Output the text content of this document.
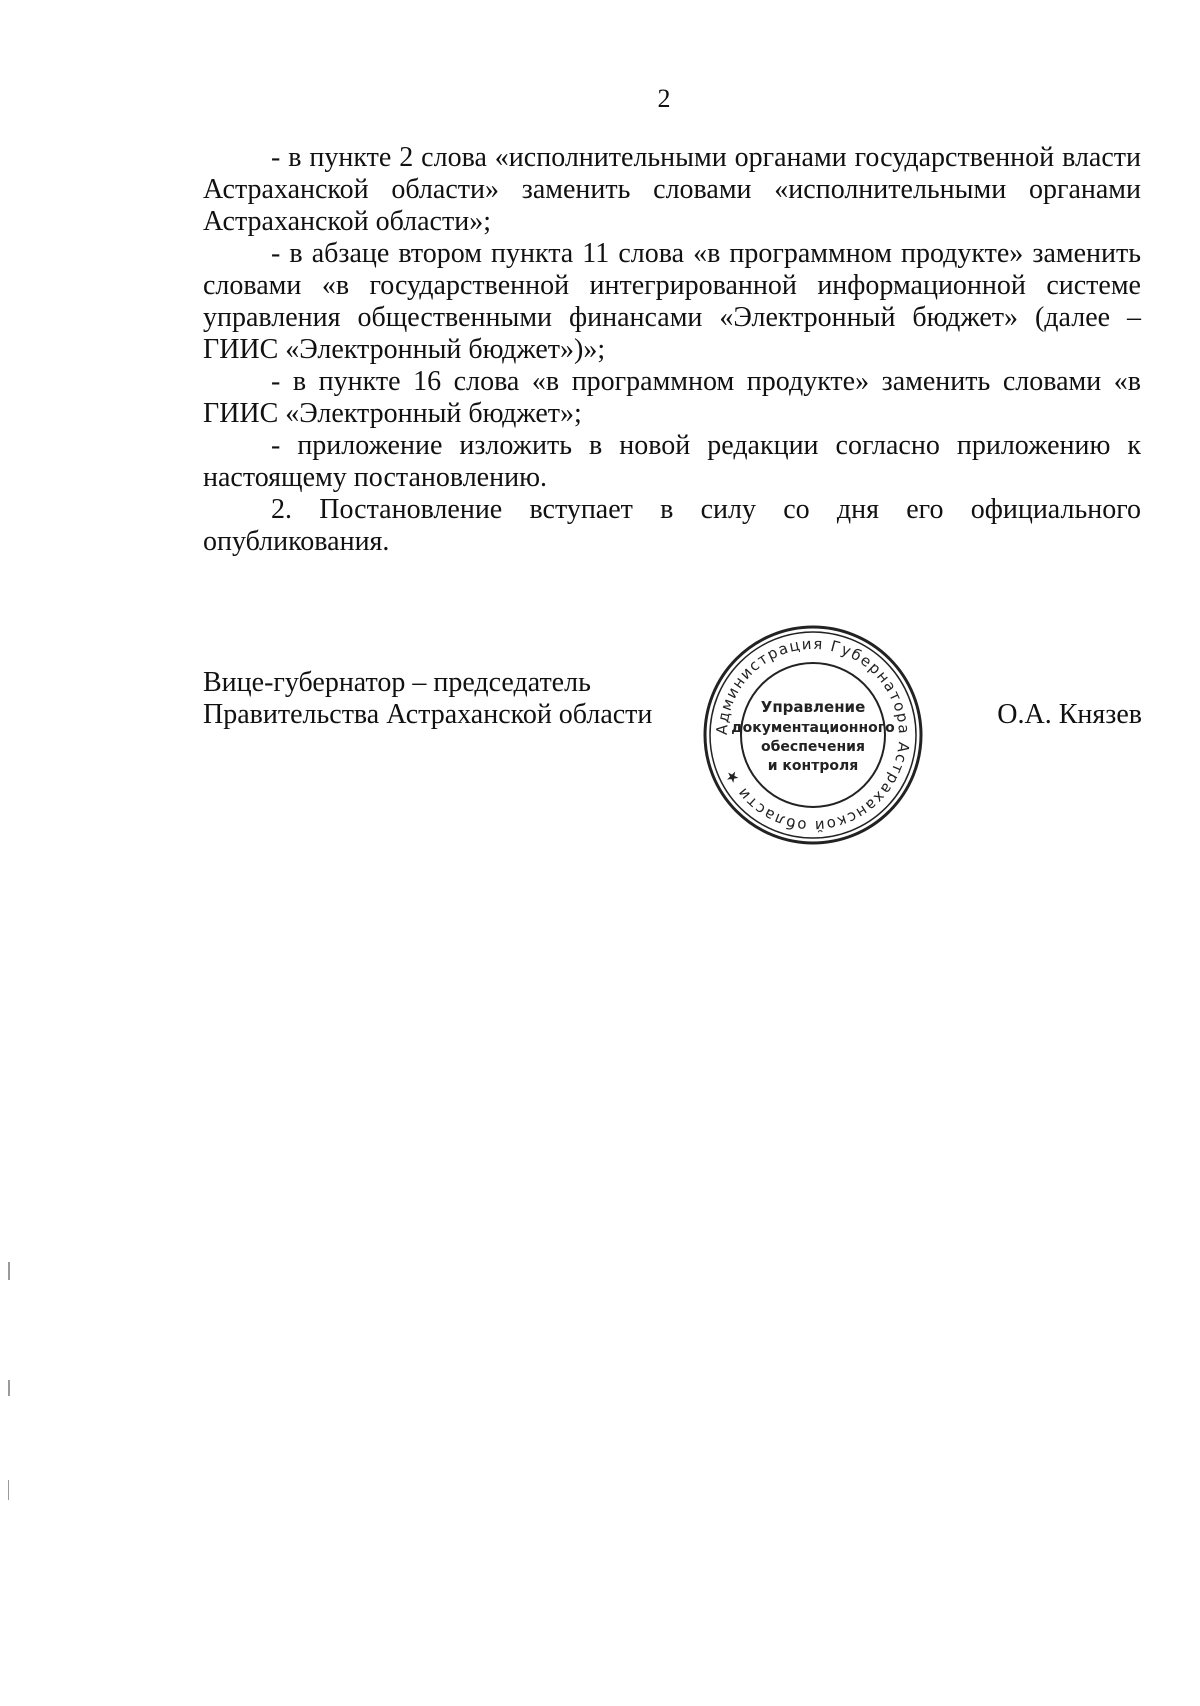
2

- в пункте 2 слова «исполнительными органами государственной власти Астраханской области» заменить словами «исполнительными органами Астраханской области»;

- в абзаце втором пункта 11 слова «в программном продукте» заменить словами «в государственной интегрированной информационной системе управления общественными финансами «Электронный бюджет» (далее – ГИИС «Электронный бюджет»)»;

- в пункте 16 слова «в программном продукте» заменить словами «в ГИИС «Электронный бюджет»;

- приложение изложить в новой редакции согласно приложению к настоящему постановлению.

2. Постановление вступает в силу со дня его официального опубликования.

Вице-губернатор – председатель
Правительства Астраханской области	Администрация Губернатора Астраханской области ★
Управление
документационного
обеспечения
и контроля
О.А. Князев
